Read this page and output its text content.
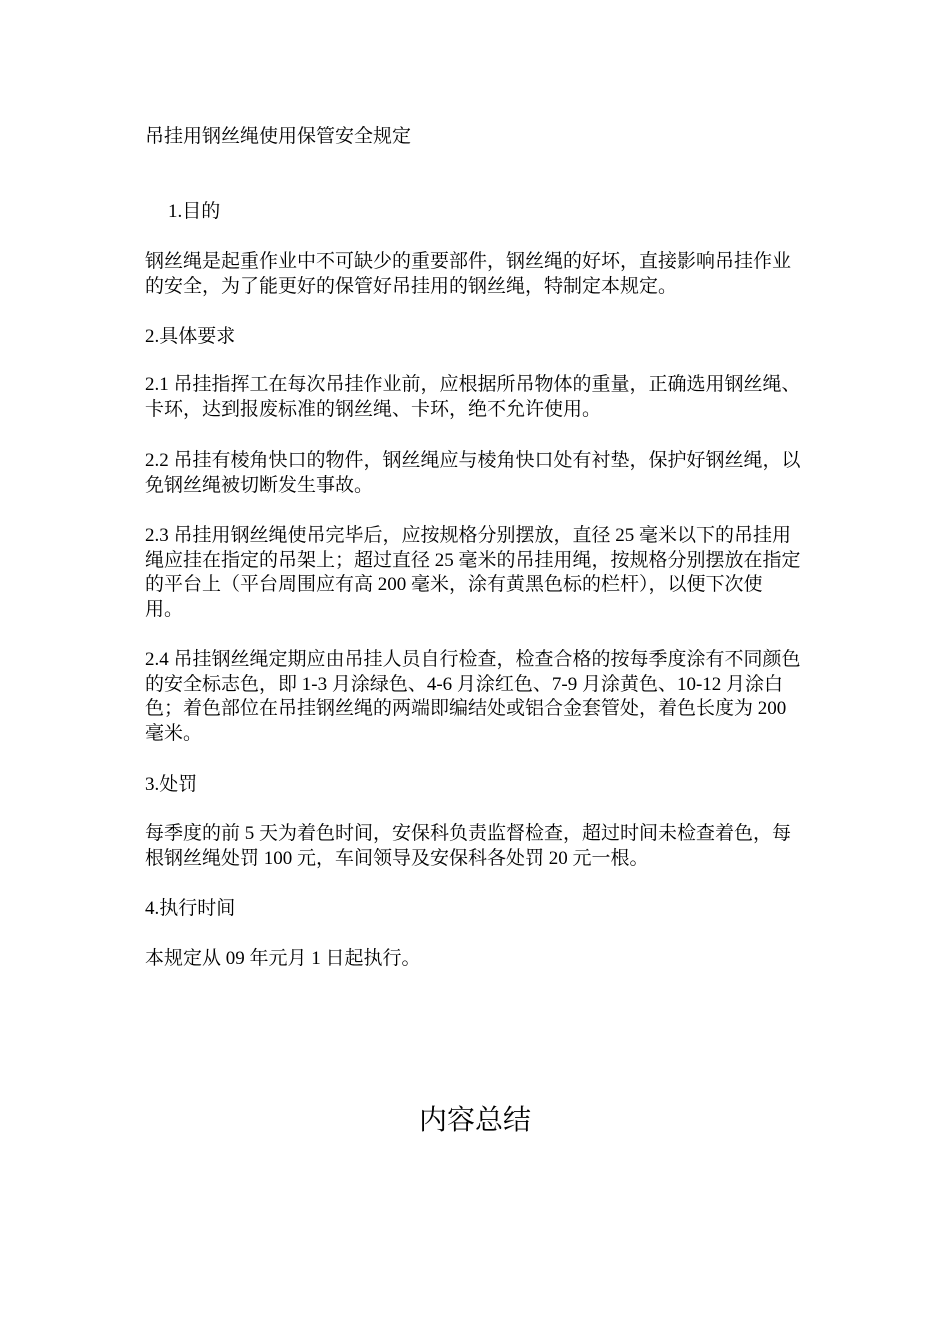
吊挂用钢丝绳使用保管安全规定
1.目的
钢丝绳是起重作业中不可缺少的重要部件，钢丝绳的好坏，直接影响吊挂作业
的安全，为了能更好的保管好吊挂用的钢丝绳，特制定本规定。
2.具体要求
2.1 吊挂指挥工在每次吊挂作业前，应根据所吊物体的重量，正确选用钢丝绳、
卡环，达到报废标准的钢丝绳、卡环，绝不允许使用。
2.2 吊挂有棱角快口的物件，钢丝绳应与棱角快口处有衬垫，保护好钢丝绳，以
免钢丝绳被切断发生事故。
2.3 吊挂用钢丝绳使吊完毕后，应按规格分别摆放，直径 25 毫米以下的吊挂用
绳应挂在指定的吊架上；超过直径 25 毫米的吊挂用绳，按规格分别摆放在指定
的平台上（平台周围应有高 200 毫米，涂有黄黑色标的栏杆），以便下次使
用。
2.4 吊挂钢丝绳定期应由吊挂人员自行检查，检查合格的按每季度涂有不同颜色
的安全标志色，即 1-3 月涂绿色、4-6 月涂红色、7-9 月涂黄色、10-12 月涂白
色；着色部位在吊挂钢丝绳的两端即编结处或铝合金套管处，着色长度为 200
毫米。
3.处罚
每季度的前 5 天为着色时间，安保科负责监督检查，超过时间未检查着色，每
根钢丝绳处罚 100 元，车间领导及安保科各处罚 20 元一根。
4.执行时间
本规定从 09 年元月 1 日起执行。
内容总结
